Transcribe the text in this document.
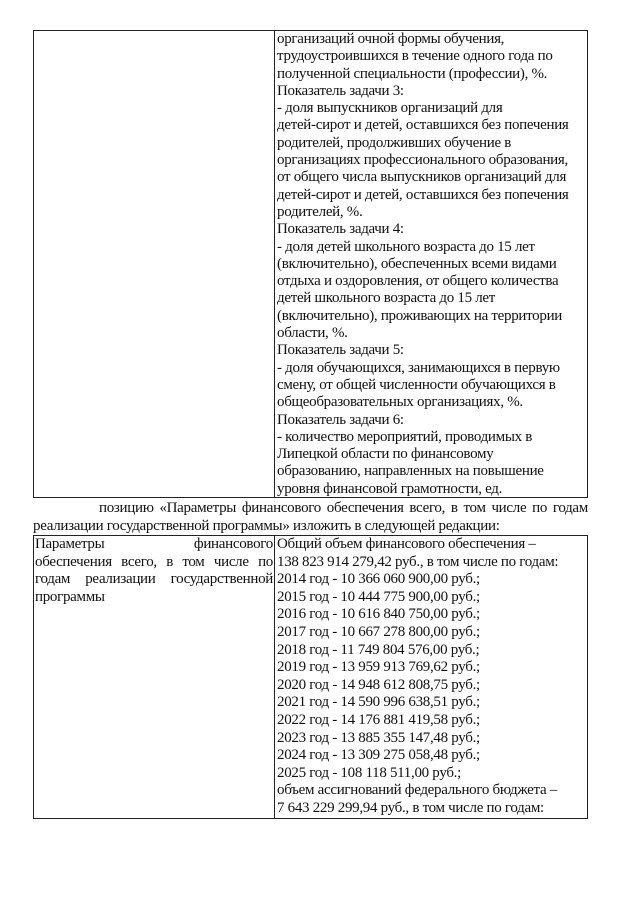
организаций очной формы обучения,
трудоустроившихся в течение одного года по
полученной специальности (профессии), %.
Показатель задачи 3:
- доля выпускников организаций для
детей-сирот и детей, оставшихся без попечения
родителей, продолживших обучение в
организациях профессионального образования,
от общего числа выпускников организаций для
детей-сирот и детей, оставшихся без попечения
родителей, %.
Показатель задачи 4:
- доля детей школьного возраста до 15 лет
(включительно), обеспеченных всеми видами
отдыха и оздоровления, от общего количества
детей школьного возраста до 15 лет
(включительно), проживающих на территории
области, %.
Показатель задачи 5:
- доля обучающихся, занимающихся в первую
смену, от общей численности обучающихся в
общеобразовательных организациях, %.
Показатель задачи 6:
- количество мероприятий, проводимых в
Липецкой области по финансовому
образованию, направленных на повышение
уровня финансовой грамотности, ед.
позицию «Параметры финансового обеспечения всего, в том числе по годам
реализации государственной программы» изложить в следующей редакции:
Параметры финансового
обеспечения всего, в том числе по
годам реализации государственной
программы
Общий объем финансового обеспечения –
138 823 914 279,42 руб., в том числе по годам:
2014 год - 10 366 060 900,00 руб.;
2015 год - 10 444 775 900,00 руб.;
2016 год - 10 616 840 750,00 руб.;
2017 год - 10 667 278 800,00 руб.;
2018 год - 11 749 804 576,00 руб.;
2019 год - 13 959 913 769,62 руб.;
2020 год - 14 948 612 808,75 руб.;
2021 год - 14 590 996 638,51 руб.;
2022 год - 14 176 881 419,58 руб.;
2023 год - 13 885 355 147,48 руб.;
2024 год - 13 309 275 058,48 руб.;
2025 год - 108 118 511,00 руб.;
объем ассигнований федерального бюджета –
7 643 229 299,94 руб., в том числе по годам:
